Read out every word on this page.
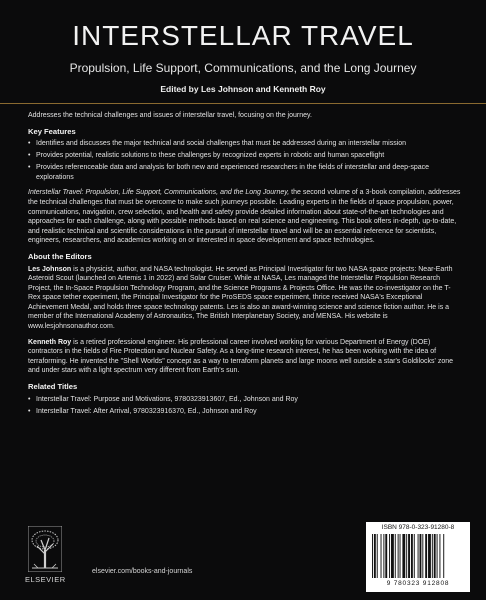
INTERSTELLAR TRAVEL
Propulsion, Life Support, Communications, and the Long Journey
Edited by Les Johnson and Kenneth Roy

Addresses the technical challenges and issues of interstellar travel, focusing on the journey.

Key Features

• Identifies and discusses the major technical and social challenges that must be addressed during an interstellar mission
• Provides potential, realistic solutions to these challenges by recognized experts in robotic and human spaceflight
• Provides referenceable data and analysis for both new and experienced researchers in the fields of interstellar and deep-space explorations

Interstellar Travel: Propulsion, Life Support, Communications, and the Long Journey, the second volume of a 3-book compilation, addresses the technical challenges that must be overcome to make such journeys possible. Leading experts in the fields of space propulsion, power, communications, navigation, crew selection, and health and safety provide detailed information about state-of-the-art technologies and approaches for each challenge, along with possible methods based on real science and engineering. This book offers in-depth, up-to-date, and realistic technical and scientific considerations in the pursuit of interstellar travel and will be an essential reference for scientists, engineers, researchers, and academics working on or interested in space development and space technologies.

About the Editors

Les Johnson is a physicist, author, and NASA technologist. He served as Principal Investigator for two NASA space projects: Near-Earth Asteroid Scout (launched on Artemis 1 in 2022) and Solar Cruiser. While at NASA, Les managed the Interstellar Propulsion Research Project, the In-Space Propulsion Technology Program, and the Science Programs & Projects Office. He was the co-investigator on the T-Rex space tether experiment, the Principal Investigator for the ProSEDS space experiment, thrice received NASA's Exceptional Achievement Medal, and holds three space technology patents. Les is also an award-winning science and science fiction author. He is a member of the International Academy of Astronautics, The British Interplanetary Society, and MENSA. His website is www.lesjohnsonauthor.com.

Kenneth Roy is a retired professional engineer. His professional career involved working for various Department of Energy (DOE) contractors in the fields of Fire Protection and Nuclear Safety. As a long-time research interest, he has been working with the idea of terraforming. He invented the "Shell Worlds" concept as a way to terraform planets and large moons well outside a star's Goldilocks' zone and under stars with a light spectrum very different from Earth's sun.

Related Titles

• Interstellar Travel: Purpose and Motivations, 9780323913607, Ed., Johnson and Roy
• Interstellar Travel: After Arrival, 9780323916370, Ed., Johnson and Roy
ELSEVIER
elsevier.com/books-and-journals
ISBN 978-0-323-91280-8
9 780323 912808
